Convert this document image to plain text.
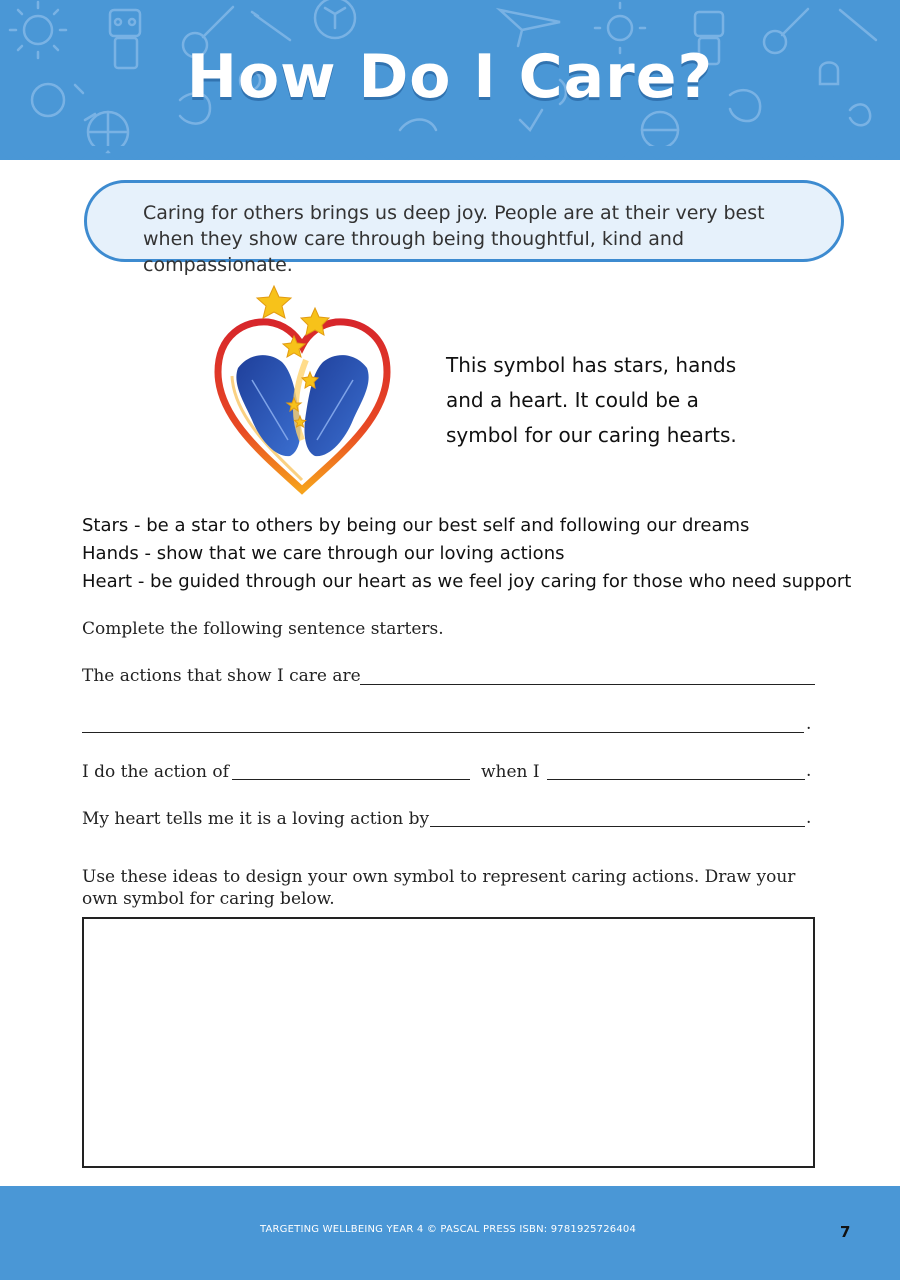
How Do I Care?
Caring for others brings us deep joy. People are at their very best when they show care through being thoughtful, kind and compassionate.
This symbol has stars, hands and a heart. It could be a symbol for our caring hearts.
Stars - be a star to others by being our best self and following our dreams
Hands - show that we care through our loving actions
Heart - be guided through our heart as we feel joy caring for those who need support
Complete the following sentence starters.
The actions that show I care are
.
I do the action of	when I	.
My heart tells me it is a loving action by	.
Use these ideas to design your own symbol to represent caring actions. Draw your own symbol for caring below.
TARGETING WELLBEING YEAR 4 © PASCAL PRESS ISBN: 9781925726404	7
